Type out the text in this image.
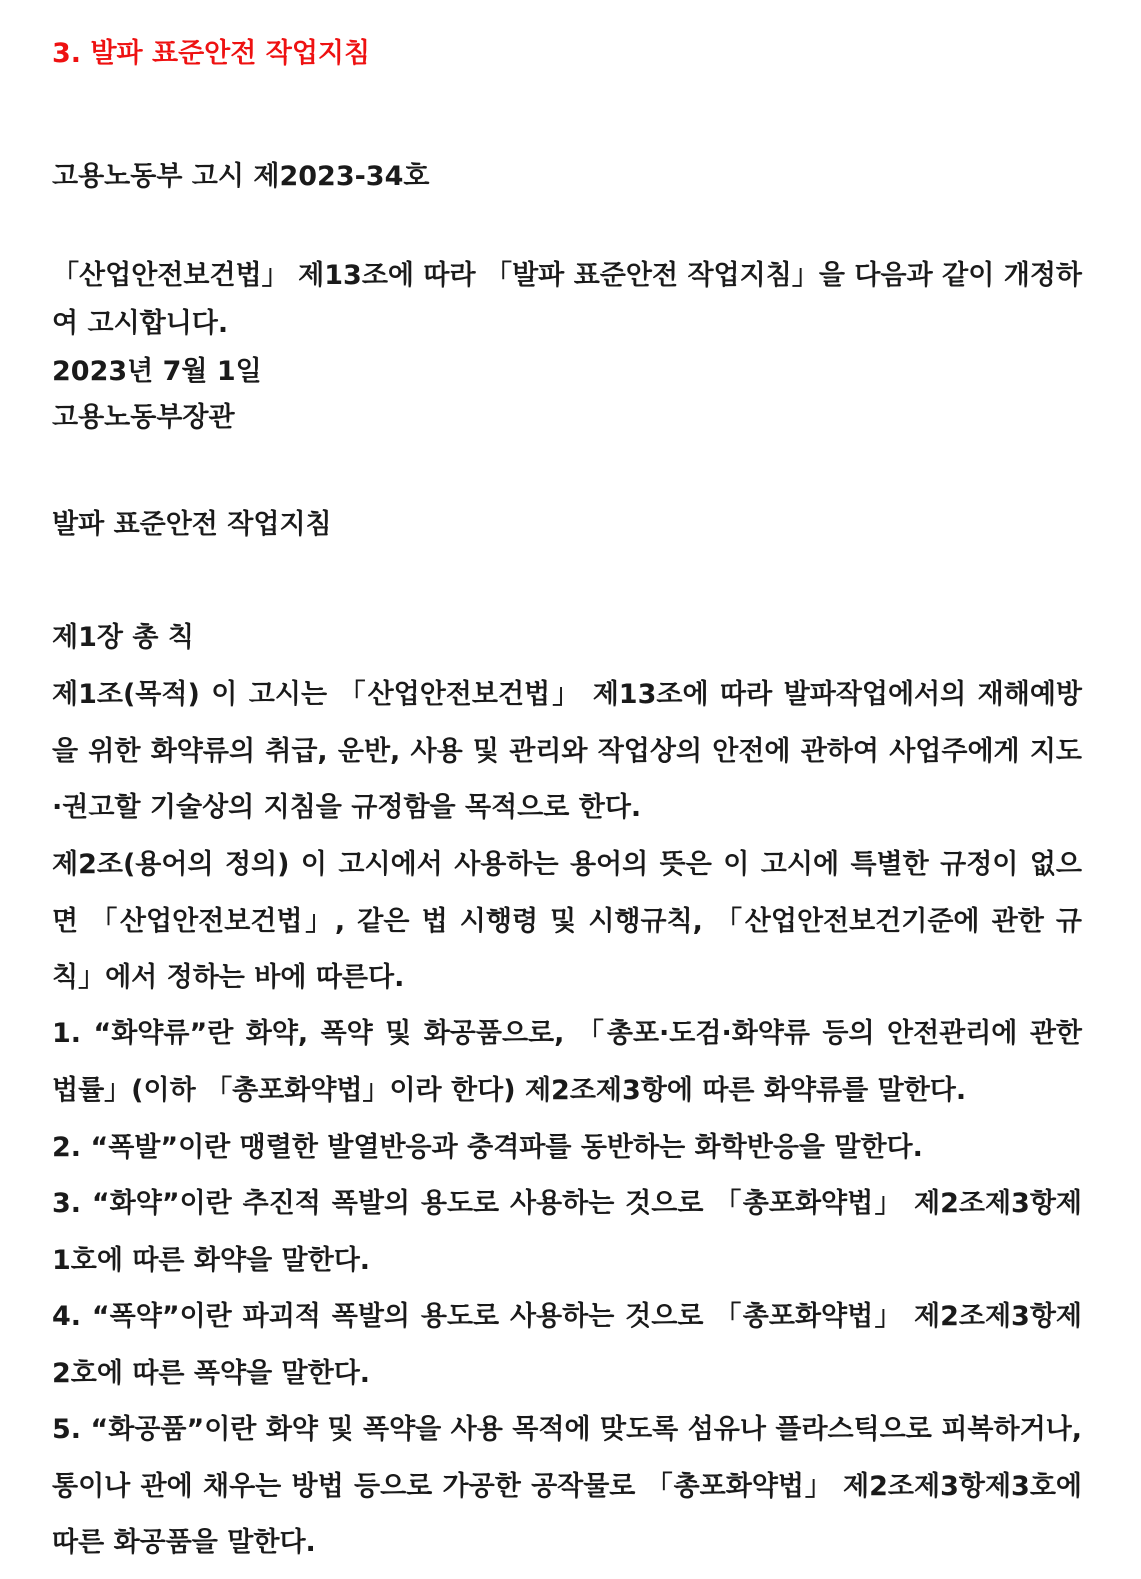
3. 발파 표준안전 작업지침
고용노동부 고시 제2023-34호
「산업안전보건법」 제13조에 따라 「발파 표준안전 작업지침」을 다음과 같이 개정하여 고시합니다.
2023년 7월 1일
고용노동부장관
발파 표준안전 작업지침
제1장 총 칙
제1조(목적) 이 고시는 「산업안전보건법」 제13조에 따라 발파작업에서의 재해예방을 위한 화약류의 취급, 운반, 사용 및 관리와 작업상의 안전에 관하여 사업주에게 지도·권고할 기술상의 지침을 규정함을 목적으로 한다.
제2조(용어의 정의) 이 고시에서 사용하는 용어의 뜻은 이 고시에 특별한 규정이 없으면 「산업안전보건법」, 같은 법 시행령 및 시행규칙, 「산업안전보건기준에 관한 규칙」에서 정하는 바에 따른다.
1. “화약류”란 화약, 폭약 및 화공품으로, 「총포·도검·화약류 등의 안전관리에 관한 법률」(이하 「총포화약법」이라 한다) 제2조제3항에 따른 화약류를 말한다.
2. “폭발”이란 맹렬한 발열반응과 충격파를 동반하는 화학반응을 말한다.
3. “화약”이란 추진적 폭발의 용도로 사용하는 것으로 「총포화약법」 제2조제3항제1호에 따른 화약을 말한다.
4. “폭약”이란 파괴적 폭발의 용도로 사용하는 것으로 「총포화약법」 제2조제3항제2호에 따른 폭약을 말한다.
5. “화공품”이란 화약 및 폭약을 사용 목적에 맞도록 섬유나 플라스틱으로 피복하거나, 통이나 관에 채우는 방법 등으로 가공한 공작물로 「총포화약법」 제2조제3항제3호에 따른 화공품을 말한다.
